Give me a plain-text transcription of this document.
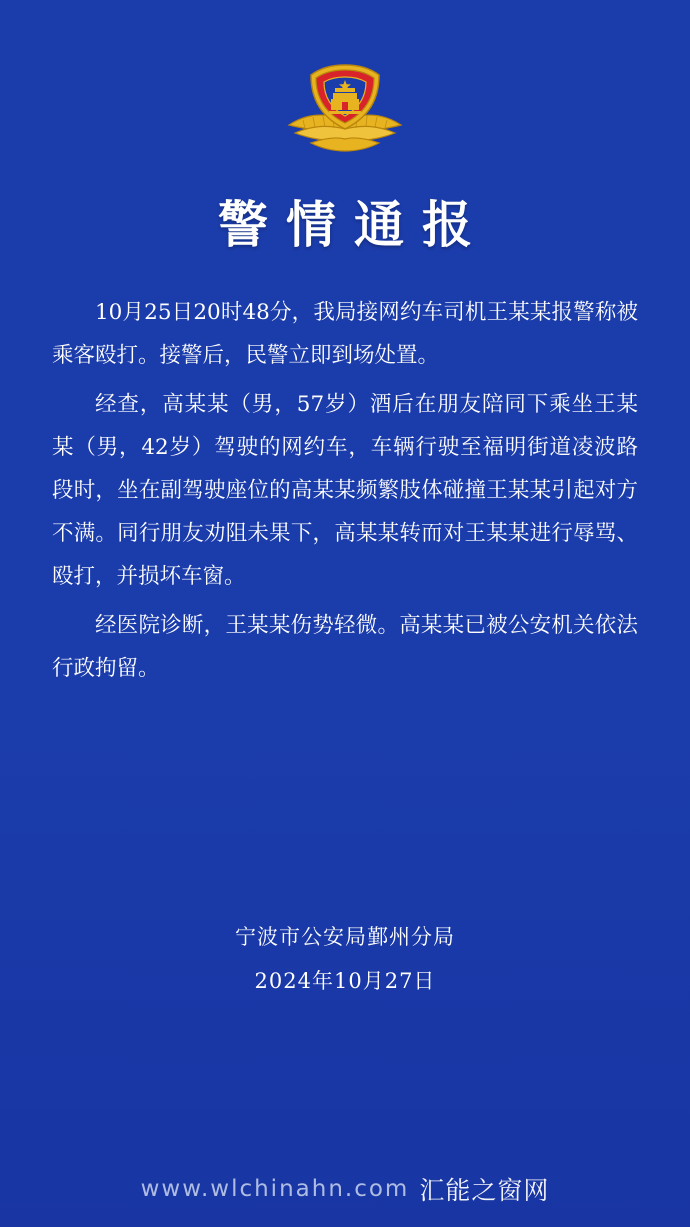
警情通报

10月25日20时48分，我局接网约车司机王某某报警称被乘客殴打。接警后，民警立即到场处置。

经查，高某某（男，57岁）酒后在朋友陪同下乘坐王某某（男，42岁）驾驶的网约车，车辆行驶至福明街道凌波路段时，坐在副驾驶座位的高某某频繁肢体碰撞王某某引起对方不满。同行朋友劝阻未果下，高某某转而对王某某进行辱骂、殴打，并损坏车窗。

经医院诊断，王某某伤势轻微。高某某已被公安机关依法行政拘留。

宁波市公安局鄞州分局
2024年10月27日
www.wlchinahn.com 汇能之窗网
